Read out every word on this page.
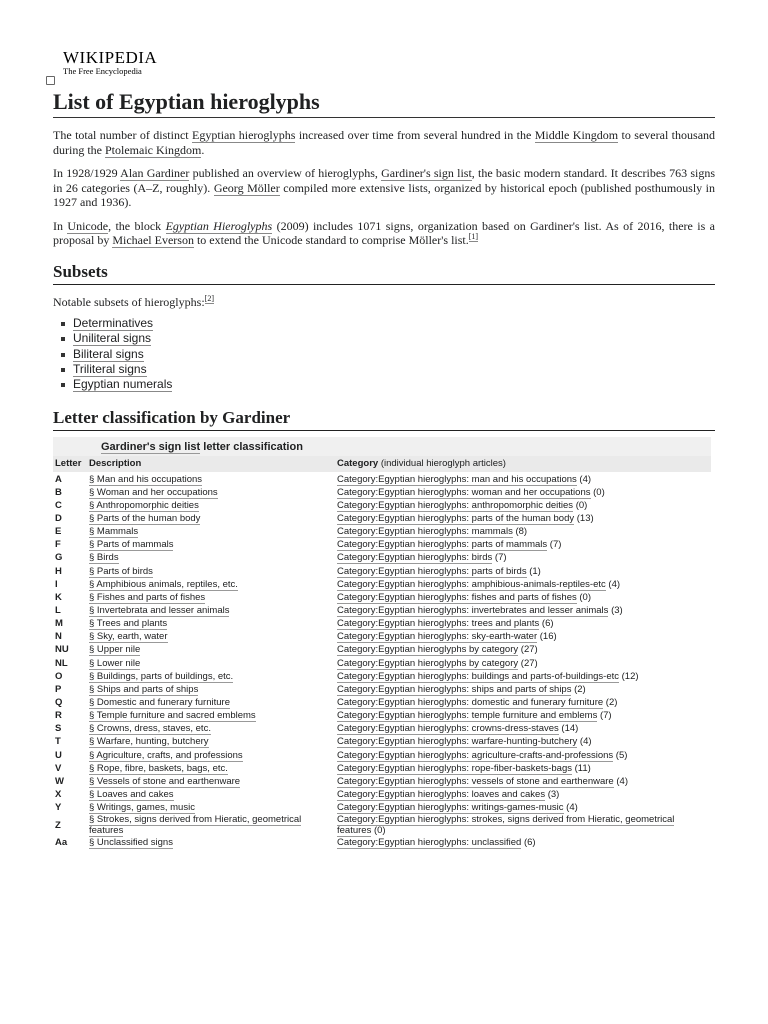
WIKIPEDIA
The Free Encyclopedia
List of Egyptian hieroglyphs

The total number of distinct Egyptian hieroglyphs increased over time from several hundred in the Middle Kingdom to several thousand during the Ptolemaic Kingdom.

In 1928/1929 Alan Gardiner published an overview of hieroglyphs, Gardiner's sign list, the basic modern standard. It describes 763 signs in 26 categories (A–Z, roughly). Georg Möller compiled more extensive lists, organized by historical epoch (published posthumously in 1927 and 1936).

In Unicode, the block Egyptian Hieroglyphs (2009) includes 1071 signs, organization based on Gardiner's list. As of 2016, there is a proposal by Michael Everson to extend the Unicode standard to comprise Möller's list.[1]

Subsets

Notable subsets of hieroglyphs:[2]

Determinatives
Uniliteral signs
Biliteral signs
Triliteral signs
Egyptian numerals
Letter classification by Gardiner
Gardiner's sign list letter classification
Letter	Description	Category (individual hieroglyph articles)
A	§ Man and his occupations	Category:Egyptian hieroglyphs: man and his occupations (4)
B	§ Woman and her occupations	Category:Egyptian hieroglyphs: woman and her occupations (0)
C	§ Anthropomorphic deities	Category:Egyptian hieroglyphs: anthropomorphic deities (0)
D	§ Parts of the human body	Category:Egyptian hieroglyphs: parts of the human body (13)
E	§ Mammals	Category:Egyptian hieroglyphs: mammals (8)
F	§ Parts of mammals	Category:Egyptian hieroglyphs: parts of mammals (7)
G	§ Birds	Category:Egyptian hieroglyphs: birds (7)
H	§ Parts of birds	Category:Egyptian hieroglyphs: parts of birds (1)
I	§ Amphibious animals, reptiles, etc.	Category:Egyptian hieroglyphs: amphibious-animals-reptiles-etc (4)
K	§ Fishes and parts of fishes	Category:Egyptian hieroglyphs: fishes and parts of fishes (0)
L	§ Invertebrata and lesser animals	Category:Egyptian hieroglyphs: invertebrates and lesser animals (3)
M	§ Trees and plants	Category:Egyptian hieroglyphs: trees and plants (6)
N	§ Sky, earth, water	Category:Egyptian hieroglyphs: sky-earth-water (16)
NU	§ Upper nile	Category:Egyptian hieroglyphs by category (27)
NL	§ Lower nile	Category:Egyptian hieroglyphs by category (27)
O	§ Buildings, parts of buildings, etc.	Category:Egyptian hieroglyphs: buildings and parts-of-buildings-etc (12)
P	§ Ships and parts of ships	Category:Egyptian hieroglyphs: ships and parts of ships (2)
Q	§ Domestic and funerary furniture	Category:Egyptian hieroglyphs: domestic and funerary furniture (2)
R	§ Temple furniture and sacred emblems	Category:Egyptian hieroglyphs: temple furniture and emblems (7)
S	§ Crowns, dress, staves, etc.	Category:Egyptian hieroglyphs: crowns-dress-staves (14)
T	§ Warfare, hunting, butchery	Category:Egyptian hieroglyphs: warfare-hunting-butchery (4)
U	§ Agriculture, crafts, and professions	Category:Egyptian hieroglyphs: agriculture-crafts-and-professions (5)
V	§ Rope, fibre, baskets, bags, etc.	Category:Egyptian hieroglyphs: rope-fiber-baskets-bags (11)
W	§ Vessels of stone and earthenware	Category:Egyptian hieroglyphs: vessels of stone and earthenware (4)
X	§ Loaves and cakes	Category:Egyptian hieroglyphs: loaves and cakes (3)
Y	§ Writings, games, music	Category:Egyptian hieroglyphs: writings-games-music (4)
Z	§ Strokes, signs derived from Hieratic, geometrical features	Category:Egyptian hieroglyphs: strokes, signs derived from Hieratic, geometrical features (0)
Aa	§ Unclassified signs	Category:Egyptian hieroglyphs: unclassified (6)
